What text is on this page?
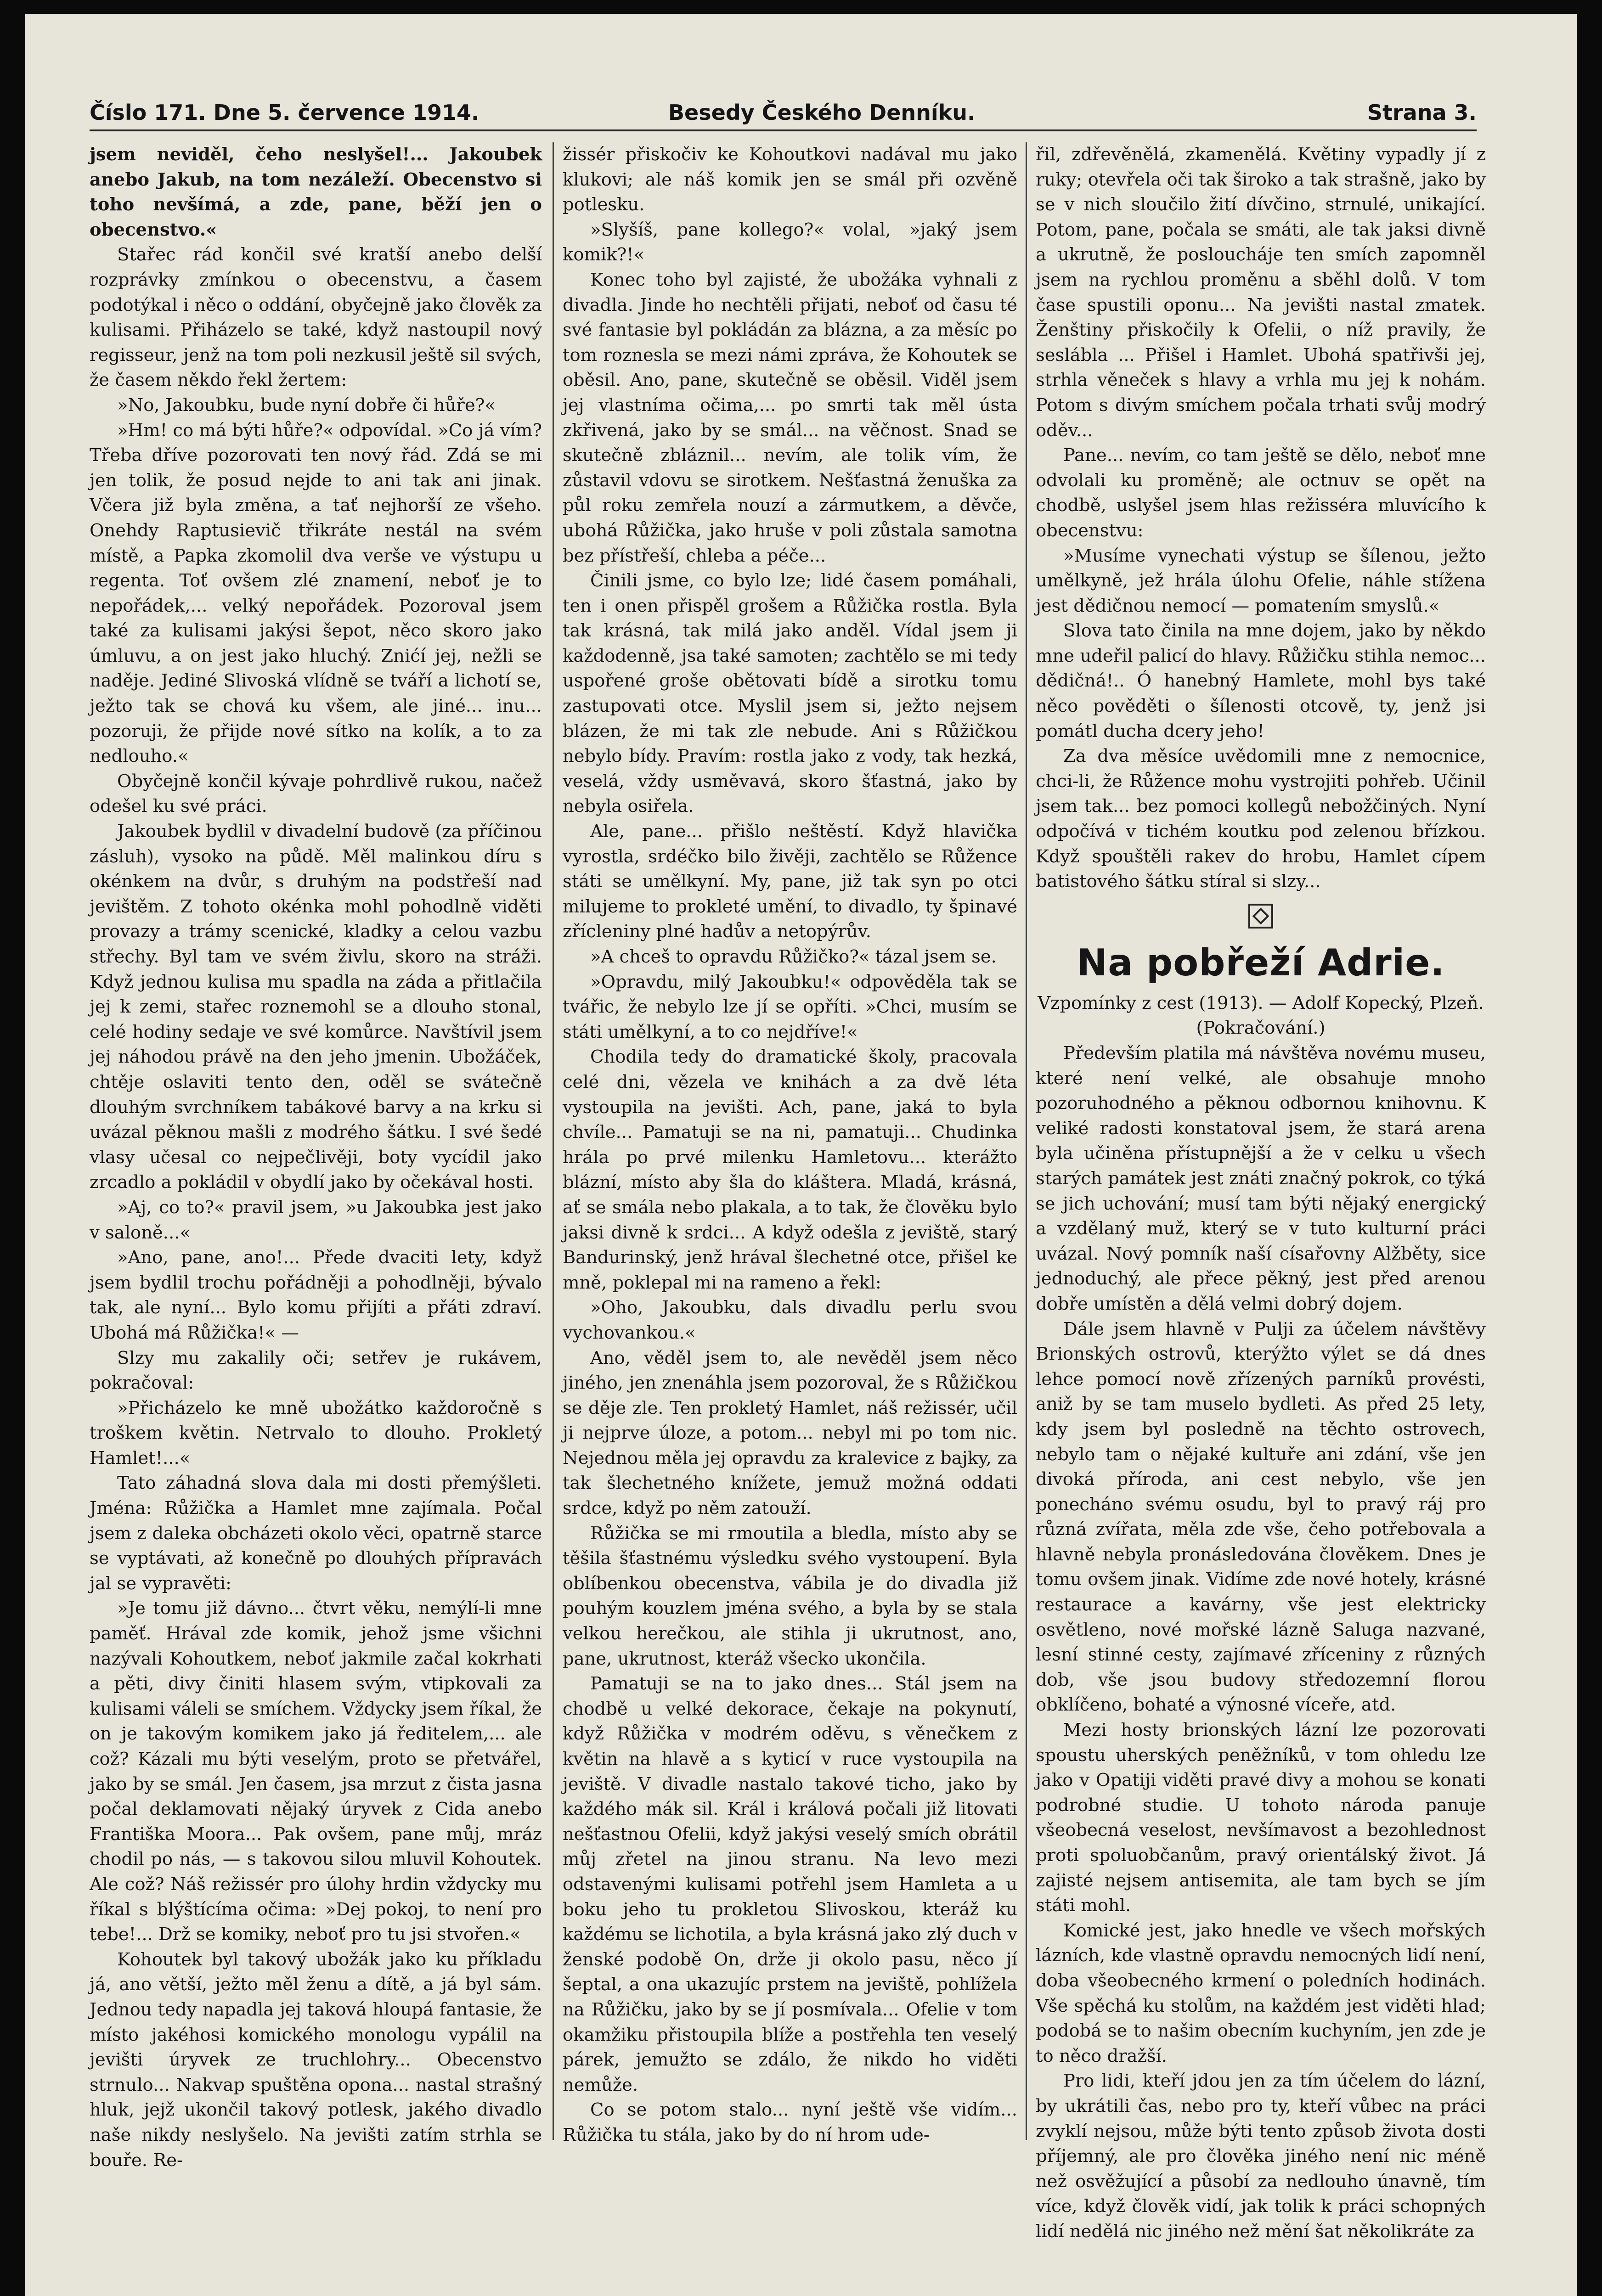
Číslo 171. Dne 5. července 1914.	Besedy Českého Denníku.	Strana 3.

jsem neviděl, čeho neslyšel!... Jakoubek anebo Jakub, na tom nezáleží. Obecenstvo si toho nevšímá, a zde, pane, běží jen o obecenstvo.«

Stařec rád končil své kratší anebo delší rozprávky zmínkou o obecenstvu, a časem podotýkal i něco o oddání, obyčejně jako člověk za kulisami. Přiházelo se také, když nastoupil nový regisseur, jenž na tom poli nezkusil ještě sil svých, že časem někdo řekl žertem:

»No, Jakoubku, bude nyní dobře či hůře?«

»Hm! co má býti hůře?« odpovídal. »Co já vím? Třeba dříve pozorovati ten nový řád. Zdá se mi jen tolik, že posud nejde to ani tak ani jinak. Včera již byla změna, a tať nejhorší ze všeho. Onehdy Raptusievič třikráte nestál na svém místě, a Papka zkomolil dva verše ve výstupu u regenta. Toť ovšem zlé znamení, neboť je to nepořádek,... velký nepořádek. Pozoroval jsem také za kulisami jakýsi šepot, něco skoro jako úmluvu, a on jest jako hluchý. Znićí jej, nežli se naděje. Jediné Slivoská vlídně se tváří a lichotí se, ježto tak se chová ku všem, ale jiné... inu... pozoruji, že přijde nové sítko na kolík, a to za nedlouho.«

Obyčejně končil kývaje pohrdlivě rukou, načež odešel ku své práci.

Jakoubek bydlil v divadelní budově (za příčinou zásluh), vysoko na půdě. Měl malinkou díru s okénkem na dvůr, s druhým na podstřeší nad jevištěm. Z tohoto okénka mohl pohodlně viděti provazy a trámy scenické, kladky a celou vazbu střechy. Byl tam ve svém živlu, skoro na stráži. Když jednou kulisa mu spadla na záda a přitlačila jej k zemi, stařec roznemohl se a dlouho stonal, celé hodiny sedaje ve své komůrce. Navštívil jsem jej náhodou právě na den jeho jmenin. Ubožáček, chtěje oslaviti tento den, oděl se svátečně dlouhým svrchníkem tabákové barvy a na krku si uvázal pěknou mašli z modrého šátku. I své šedé vlasy učesal co nejpečlivěji, boty vycídil jako zrcadlo a pokládil v obydlí jako by očekával hosti.

»Aj, co to?« pravil jsem, »u Jakoubka jest jako v saloně...«

»Ano, pane, ano!... Přede dvaciti lety, když jsem bydlil trochu pořádněji a pohodlněji, bývalo tak, ale nyní... Bylo komu přijíti a přáti zdraví. Ubohá má Růžička!« —

Slzy mu zakalily oči; setřev je rukávem, pokračoval:

»Přicházelo ke mně ubožátko každoročně s troškem květin. Netrvalo to dlouho. Prokletý Hamlet!...«

Tato záhadná slova dala mi dosti přemýšleti. Jména: Růžička a Hamlet mne zajímala. Počal jsem z daleka obcházeti okolo věci, opatrně starce se vyptávati, až konečně po dlouhých přípravách jal se vypravěti:

»Je tomu již dávno... čtvrt věku, nemýlí-li mne paměť. Hrával zde komik, jehož jsme všichni nazývali Kohoutkem, neboť jakmile začal kokrhati a pěti, divy činiti hlasem svým, vtipkovali za kulisami váleli se smíchem. Vždycky jsem říkal, že on je takovým komikem jako já ředitelem,... ale což? Kázali mu býti veselým, proto se přetvářel, jako by se smál. Jen časem, jsa mrzut z čista jasna počal deklamovati nějaký úryvek z Cida anebo Františka Moora... Pak ovšem, pane můj, mráz chodil po nás, — s takovou silou mluvil Kohoutek. Ale což? Náš režissér pro úlohy hrdin vždycky mu říkal s blýštícíma očima: »Dej pokoj, to není pro tebe!... Drž se komiky, neboť pro tu jsi stvořen.«

Kohoutek byl takový ubožák jako ku příkladu já, ano větší, ježto měl ženu a dítě, a já byl sám. Jednou tedy napadla jej taková hloupá fantasie, že místo jakéhosi komického monologu vypálil na jevišti úryvek ze truchlohry... Obecenstvo strnulo... Nakvap spuštěna opona... nastal strašný hluk, jejž ukončil takový potlesk, jakého divadlo naše nikdy neslyšelo. Na jevišti zatím strhla se bouře. Re-

žissér přiskočiv ke Kohoutkovi nadával mu jako klukovi; ale náš komik jen se smál při ozvěně potlesku.

»Slyšíš, pane kollego?« volal, »jaký jsem komik?!«

Konec toho byl zajisté, že ubožáka vyhnali z divadla. Jinde ho nechtěli přijati, neboť od času té své fantasie byl pokládán za blázna, a za měsíc po tom roznesla se mezi námi zpráva, že Kohoutek se oběsil. Ano, pane, skutečně se oběsil. Viděl jsem jej vlastníma očima,... po smrti tak měl ústa zkřivená, jako by se smál... na věčnost. Snad se skutečně zbláznil... nevím, ale tolik vím, že zůstavil vdovu se sirotkem. Nešťastná ženuška za půl roku zemřela nouzí a zármutkem, a děvče, ubohá Růžička, jako hruše v poli zůstala samotna bez přístřeší, chleba a péče...

Činili jsme, co bylo lze; lidé časem pomáhali, ten i onen přispěl grošem a Růžička rostla. Byla tak krásná, tak milá jako anděl. Vídal jsem ji každodenně, jsa také samoten; zachtělo se mi tedy uspořené groše obětovati bídě a sirotku tomu zastupovati otce. Myslil jsem si, ježto nejsem blázen, že mi tak zle nebude. Ani s Růžičkou nebylo bídy. Pravím: rostla jako z vody, tak hezká, veselá, vždy usměvavá, skoro šťastná, jako by nebyla osiřela.

Ale, pane... přišlo neštěstí. Když hlavička vyrostla, srdéčko bilo živěji, zachtělo se Růžence státi se umělkyní. My, pane, již tak syn po otci milujeme to prokleté umění, to divadlo, ty špinavé zřícleniny plné hadův a netopýrův.

»A chceš to opravdu Růžičko?« tázal jsem se.

»Opravdu, milý Jakoubku!« odpověděla tak se tvářic, že nebylo lze jí se opříti. »Chci, musím se státi umělkyní, a to co nejdříve!«

Chodila tedy do dramatické školy, pracovala celé dni, vězela ve knihách a za dvě léta vystoupila na jevišti. Ach, pane, jaká to byla chvíle... Pamatuji se na ni, pamatuji... Chudinka hrála po prvé milenku Hamletovu... kterážto blázní, místo aby šla do kláštera. Mladá, krásná, ať se smála nebo plakala, a to tak, že člověku bylo jaksi divně k srdci... A když odešla z jeviště, starý Bandurinský, jenž hrával šlechetné otce, přišel ke mně, poklepal mi na rameno a řekl:

»Oho, Jakoubku, dals divadlu perlu svou vychovankou.«

Ano, věděl jsem to, ale nevěděl jsem něco jiného, jen znenáhla jsem pozoroval, že s Růžičkou se děje zle. Ten prokletý Hamlet, náš režissér, učil ji nejprve úloze, a potom... nebyl mi po tom nic. Nejednou měla jej opravdu za kralevice z bajky, za tak šlechetného knížete, jemuž možná oddati srdce, když po něm zatouží.

Růžička se mi rmoutila a bledla, místo aby se těšila šťastnému výsledku svého vystoupení. Byla oblíbenkou obecenstva, vábila je do divadla již pouhým kouzlem jména svého, a byla by se stala velkou herečkou, ale stihla ji ukrutnost, ano, pane, ukrutnost, kteráž všecko ukončila.

Pamatuji se na to jako dnes... Stál jsem na chodbě u velké dekorace, čekaje na pokynutí, když Růžička v modrém oděvu, s věnečkem z květin na hlavě a s kyticí v ruce vystoupila na jeviště. V divadle nastalo takové ticho, jako by každého mák sil. Král i králová počali již litovati nešťastnou Ofelii, když jakýsi veselý smích obrátil můj zřetel na jinou stranu. Na levo mezi odstavenými kulisami potřehl jsem Hamleta a u boku jeho tu prokletou Slivoskou, kteráž ku každému se lichotila, a byla krásná jako zlý duch v ženské podobě On, drže ji okolo pasu, něco jí šeptal, a ona ukazujíc prstem na jeviště, pohlížela na Růžičku, jako by se jí posmívala... Ofelie v tom okamžiku přistoupila blíže a postřehla ten veselý párek, jemužto se zdálo, že nikdo ho viděti nemůže.

Co se potom stalo... nyní ještě vše vidím... Růžička tu stála, jako by do ní hrom ude-

řil, zdřevěnělá, zkamenělá. Květiny vypadly jí z ruky; otevřela oči tak široko a tak strašně, jako by se v nich sloučilo žití dívčino, strnulé, unikající. Potom, pane, počala se smáti, ale tak jaksi divně a ukrutně, že posloucháje ten smích zapomněl jsem na rychlou proměnu a sběhl dolů. V tom čase spustili oponu... Na jevišti nastal zmatek. Ženštiny přiskočily k Ofelii, o níž pravily, že seslábla ... Přišel i Hamlet. Ubohá spatřivši jej, strhla věneček s hlavy a vrhla mu jej k nohám. Potom s divým smíchem počala trhati svůj modrý oděv...

Pane... nevím, co tam ještě se dělo, neboť mne odvolali ku proměně; ale octnuv se opět na chodbě, uslyšel jsem hlas režisséra mluvícího k obecenstvu:

»Musíme vynechati výstup se šílenou, ježto umělkyně, jež hrála úlohu Ofelie, náhle stížena jest dědičnou nemocí — pomatením smyslů.«

Slova tato činila na mne dojem, jako by někdo mne udeřil palicí do hlavy. Růžičku stihla nemoc... dědičná!.. Ó hanebný Hamlete, mohl bys také něco pověděti o šílenosti otcově, ty, jenž jsi pomátl ducha dcery jeho!

Za dva měsíce uvědomili mne z nemocnice, chci-li, že Růžence mohu vystrojiti pohřeb. Učinil jsem tak... bez pomoci kollegů nebožčiných. Nyní odpočívá v tichém koutku pod zelenou břízkou. Když spouštěli rakev do hrobu, Hamlet cípem batistového šátku stíral si slzy...

Na pobřeží Adrie.

Vzpomínky z cest (1913). — Adolf Kopecký, Plzeň.

(Pokračování.)

Především platila má návštěva novému museu, které není velké, ale obsahuje mnoho pozoruhodného a pěknou odbornou knihovnu. K veliké radosti konstatoval jsem, že stará arena byla učiněna přístupnější a že v celku u všech starých památek jest znáti značný pokrok, co týká se jich uchování; musí tam býti nějaký energický a vzdělaný muž, který se v tuto kulturní práci uvázal. Nový pomník naší císařovny Alžběty, sice jednoduchý, ale přece pěkný, jest před arenou dobře umístěn a dělá velmi dobrý dojem.

Dále jsem hlavně v Pulji za účelem návštěvy Brionských ostrovů, kterýžto výlet se dá dnes lehce pomocí nově zřízených parníků provésti, aniž by se tam muselo bydleti. As před 25 lety, kdy jsem byl posledně na těchto ostrovech, nebylo tam o nějaké kultuře ani zdání, vše jen divoká příroda, ani cest nebylo, vše jen ponecháno svému osudu, byl to pravý ráj pro různá zvířata, měla zde vše, čeho potřebovala a hlavně nebyla pronásledována člověkem. Dnes je tomu ovšem jinak. Vidíme zde nové hotely, krásné restaurace a kavárny, vše jest elektricky osvětleno, nové mořské lázně Saluga nazvané, lesní stinné cesty, zajímavé zříceniny z různých dob, vše jsou budovy středozemní florou obklíčeno, bohaté a výnosné víceře, atd.

Mezi hosty brionských lázní lze pozorovati spoustu uherských peněžníků, v tom ohledu lze jako v Opatiji viděti pravé divy a mohou se konati podrobné studie. U tohoto národa panuje všeobecná veselost, nevšímavost a bezohlednost proti spoluobčanům, pravý orientálský život. Já zajisté nejsem antisemita, ale tam bych se jím státi mohl.

Komické jest, jako hnedle ve všech mořských lázních, kde vlastně opravdu nemocných lidí není, doba všeobecného krmení o poledních hodinách. Vše spěchá ku stolům, na každém jest viděti hlad; podobá se to našim obecním kuchyním, jen zde je to něco dražší.

Pro lidi, kteří jdou jen za tím účelem do lázní, by ukrátili čas, nebo pro ty, kteří vůbec na práci zvyklí nejsou, může býti tento způsob života dosti příjemný, ale pro člověka jiného není nic méně než osvěžující a působí za nedlouho únavně, tím více, když člověk vidí, jak tolik k práci schopných lidí nedělá nic jiného než mění šat několikráte za
